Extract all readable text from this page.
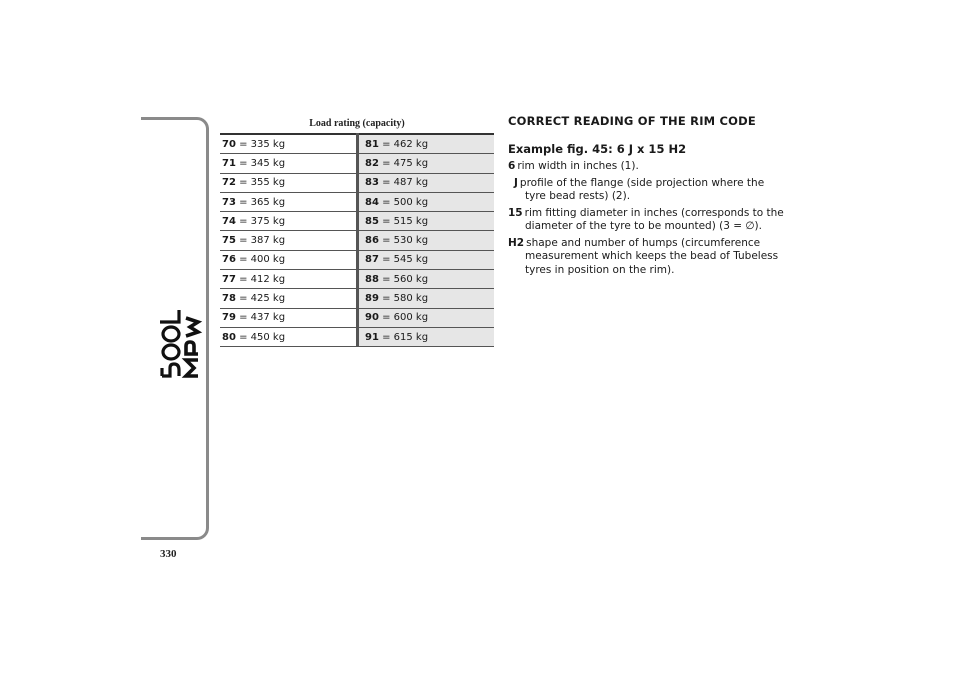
330
Load rating (capacity)
70 = 335 kg	81 = 462 kg
71 = 345 kg	82 = 475 kg
72 = 355 kg	83 = 487 kg
73 = 365 kg	84 = 500 kg
74 = 375 kg	85 = 515 kg
75 = 387 kg	86 = 530 kg
76 = 400 kg	87 = 545 kg
77 = 412 kg	88 = 560 kg
78 = 425 kg	89 = 580 kg
79 = 437 kg	90 = 600 kg
80 = 450 kg	91 = 615 kg
CORRECT READING OF THE RIM CODE
Example fig. 45: 6 J x 15 H2
6 rim width in inches (1).
J profile of the flange (side projection where the tyre bead rests) (2).
15 rim fitting diameter in inches (corresponds to the diameter of the tyre to be mounted) (3 = ∅).
H2 shape and number of humps (circumference measurement which keeps the bead of Tubeless tyres in position on the rim).
